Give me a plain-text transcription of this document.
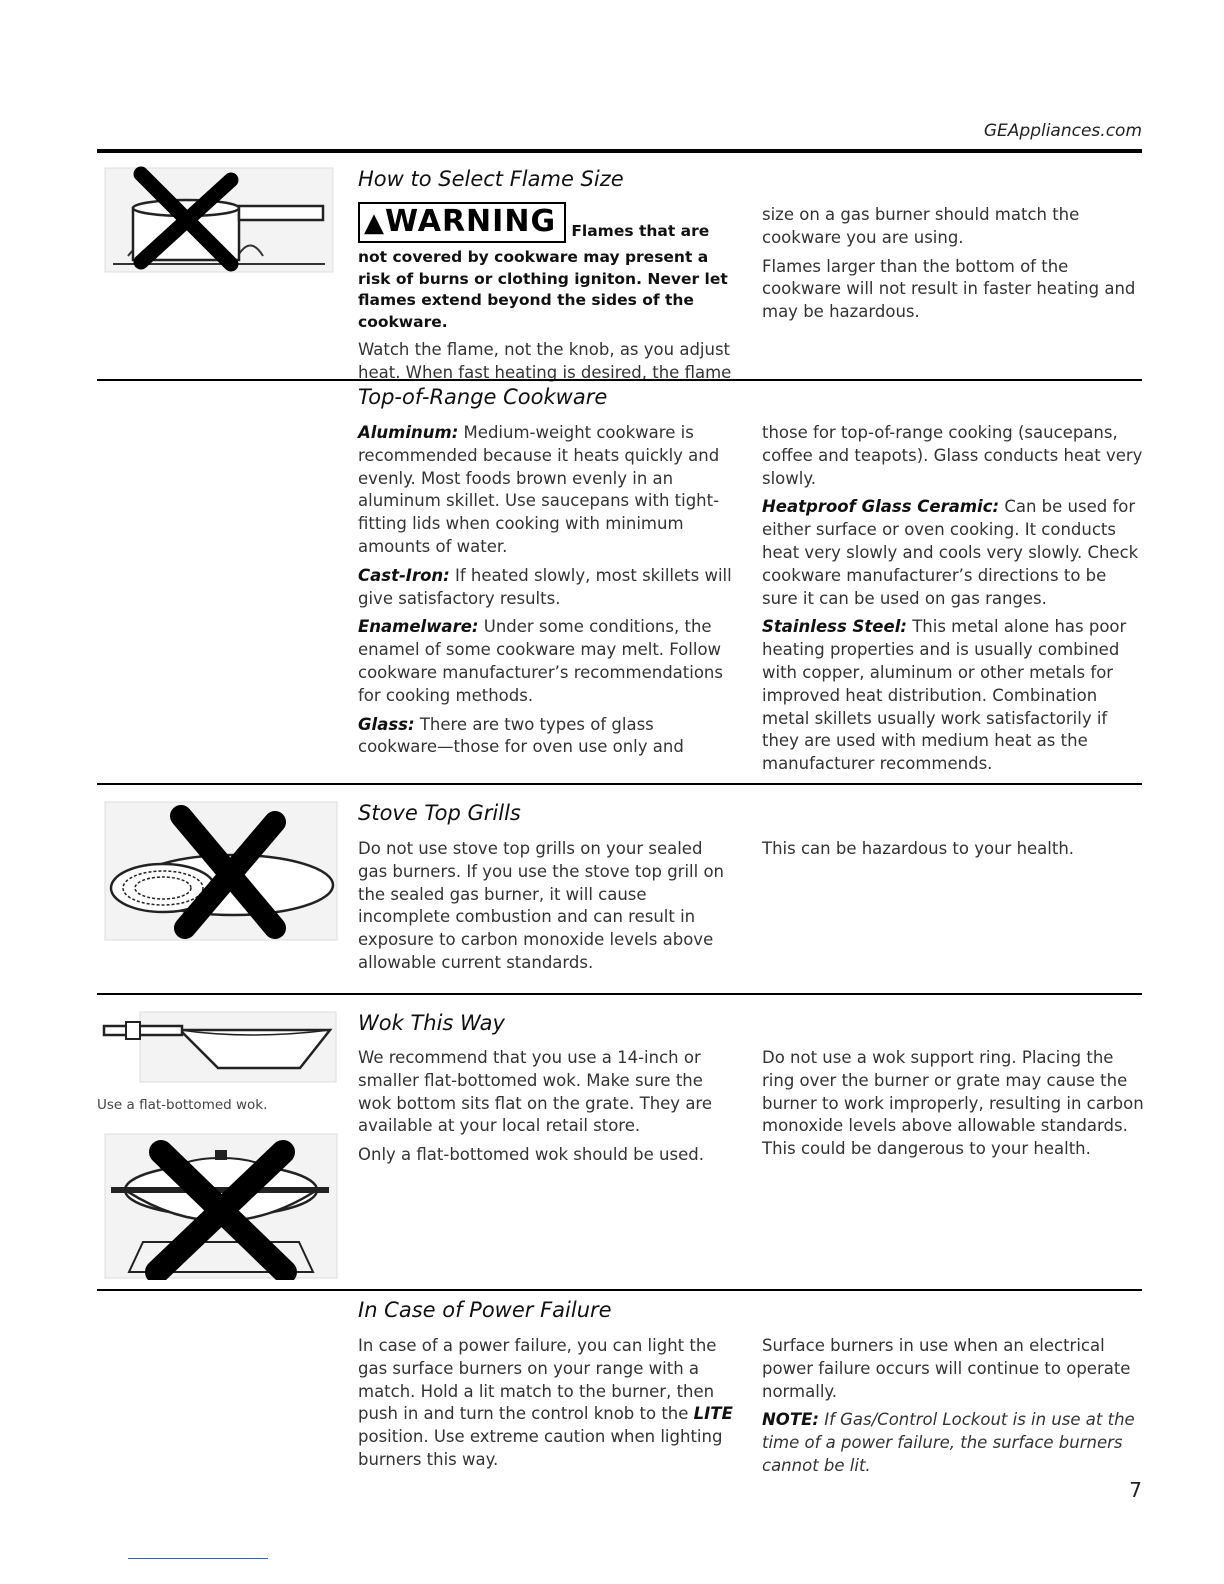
GEAppliances.com
How to Select Flame Size

▲WARNING Flames that are

not covered by cookware may present a risk of burns or clothing igniton. Never let flames extend beyond the sides of the cookware.

Watch the flame, not the knob, as you adjust heat. When fast heating is desired, the flame

size on a gas burner should match the cookware you are using.

Flames larger than the bottom of the cookware will not result in faster heating and may be hazardous.

Top-of-Range Cookware

Aluminum: Medium-weight cookware is recommended because it heats quickly and evenly. Most foods brown evenly in an aluminum skillet. Use saucepans with tight-fitting lids when cooking with minimum amounts of water.

Cast-Iron: If heated slowly, most skillets will give satisfactory results.

Enamelware: Under some conditions, the enamel of some cookware may melt. Follow cookware manufacturer’s recommendations for cooking methods.

Glass: There are two types of glass cookware—those for oven use only and

those for top-of-range cooking (saucepans, coffee and teapots). Glass conducts heat very slowly.

Heatproof Glass Ceramic: Can be used for either surface or oven cooking. It conducts heat very slowly and cools very slowly. Check cookware manufacturer’s directions to be sure it can be used on gas ranges.

Stainless Steel: This metal alone has poor heating properties and is usually combined with copper, aluminum or other metals for improved heat distribution. Combination metal skillets usually work satisfactorily if they are used with medium heat as the manufacturer recommends.

Stove Top Grills

Do not use stove top grills on your sealed gas burners. If you use the stove top grill on the sealed gas burner, it will cause incomplete combustion and can result in exposure to carbon monoxide levels above allowable current standards.

This can be hazardous to your health.

Use a flat-bottomed wok.
Wok This Way

We recommend that you use a 14-inch or smaller flat-bottomed wok. Make sure the wok bottom sits flat on the grate. They are available at your local retail store.

Only a flat-bottomed wok should be used.

Do not use a wok support ring. Placing the ring over the burner or grate may cause the burner to work improperly, resulting in carbon monoxide levels above allowable standards. This could be dangerous to your health.

In Case of Power Failure

In case of a power failure, you can light the gas surface burners on your range with a match. Hold a lit match to the burner, then push in and turn the control knob to the LITE position. Use extreme caution when lighting burners this way.

Surface burners in use when an electrical power failure occurs will continue to operate normally.

NOTE: If Gas/Control Lockout is in use at the time of a power failure, the surface burners cannot be lit.

7
